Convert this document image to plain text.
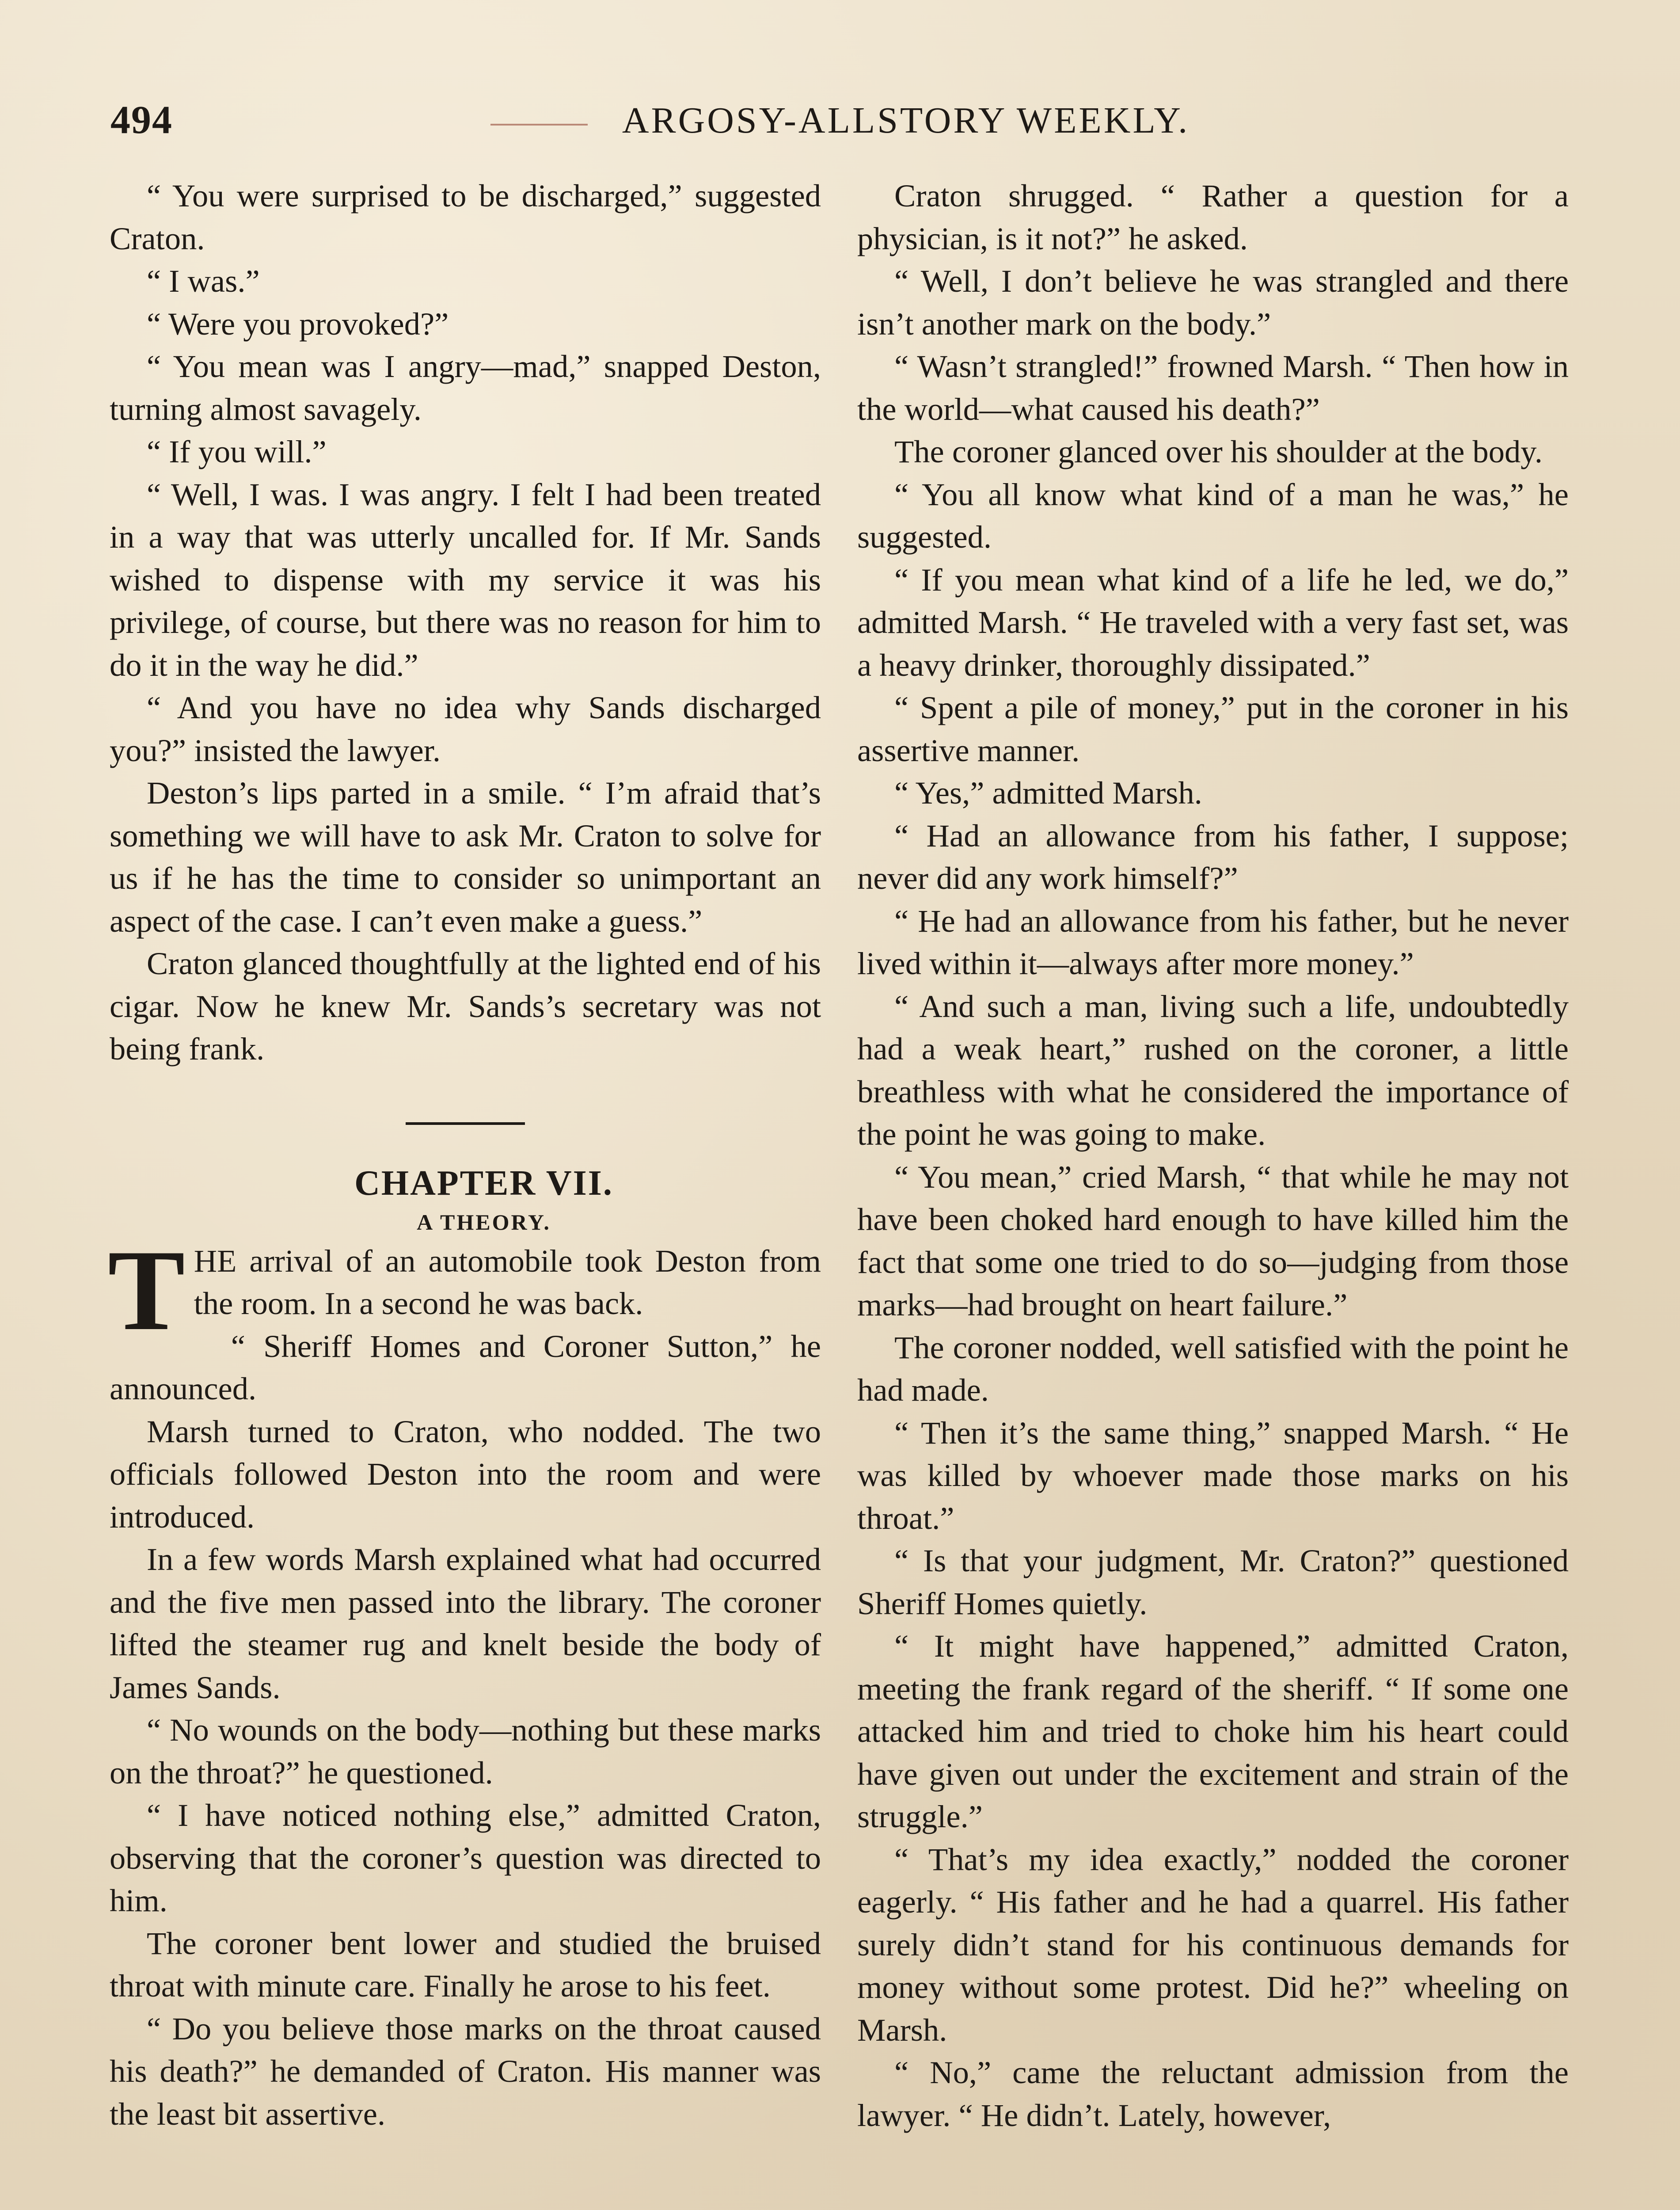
494	ARGOSY-ALLSTORY WEEKLY.

“ You were surprised to be discharged,” suggested Craton.

“ I was.”

“ Were you provoked?”

“ You mean was I angry—mad,” snapped Deston, turning almost savagely.

“ If you will.”

“ Well, I was. I was angry. I felt I had been treated in a way that was utterly uncalled for. If Mr. Sands wished to dispense with my service it was his privilege, of course, but there was no reason for him to do it in the way he did.”

“ And you have no idea why Sands discharged you?” insisted the lawyer.

Deston’s lips parted in a smile. “ I’m afraid that’s something we will have to ask Mr. Craton to solve for us if he has the time to consider so unimportant an aspect of the case. I can’t even make a guess.”

Craton glanced thoughtfully at the lighted end of his cigar. Now he knew Mr. Sands’s secretary was not being frank.

CHAPTER VII.

A THEORY.

T HE arrival of an automobile took Deston from the room. In a second he was back.

“ Sheriff Homes and Coroner Sutton,” he announced.

Marsh turned to Craton, who nodded. The two officials followed Deston into the room and were introduced.

In a few words Marsh explained what had occurred and the five men passed into the library. The coroner lifted the steamer rug and knelt beside the body of James Sands.

“ No wounds on the body—nothing but these marks on the throat?” he questioned.

“ I have noticed nothing else,” admitted Craton, observing that the coroner’s question was directed to him.

The coroner bent lower and studied the bruised throat with minute care. Finally he arose to his feet.

“ Do you believe those marks on the throat caused his death?” he demanded of Craton. His manner was the least bit assertive.

Craton shrugged. “ Rather a question for a physician, is it not?” he asked.

“ Well, I don’t believe he was strangled and there isn’t another mark on the body.”

“ Wasn’t strangled!” frowned Marsh. “ Then how in the world—what caused his death?”

The coroner glanced over his shoulder at the body.

“ You all know what kind of a man he was,” he suggested.

“ If you mean what kind of a life he led, we do,” admitted Marsh. “ He traveled with a very fast set, was a heavy drinker, thoroughly dissipated.”

“ Spent a pile of money,” put in the coroner in his assertive manner.

“ Yes,” admitted Marsh.

“ Had an allowance from his father, I suppose; never did any work himself?”

“ He had an allowance from his father, but he never lived within it—always after more money.”

“ And such a man, living such a life, undoubtedly had a weak heart,” rushed on the coroner, a little breathless with what he considered the importance of the point he was going to make.

“ You mean,” cried Marsh, “ that while he may not have been choked hard enough to have killed him the fact that some one tried to do so—judging from those marks—had brought on heart failure.”

The coroner nodded, well satisfied with the point he had made.

“ Then it’s the same thing,” snapped Marsh. “ He was killed by whoever made those marks on his throat.”

“ Is that your judgment, Mr. Craton?” questioned Sheriff Homes quietly.

“ It might have happened,” admitted Craton, meeting the frank regard of the sheriff. “ If some one attacked him and tried to choke him his heart could have given out under the excitement and strain of the struggle.”

“ That’s my idea exactly,” nodded the coroner eagerly. “ His father and he had a quarrel. His father surely didn’t stand for his continuous demands for money without some protest. Did he?” wheeling on Marsh.

“ No,” came the reluctant admission from the lawyer. “ He didn’t. Lately, however,
